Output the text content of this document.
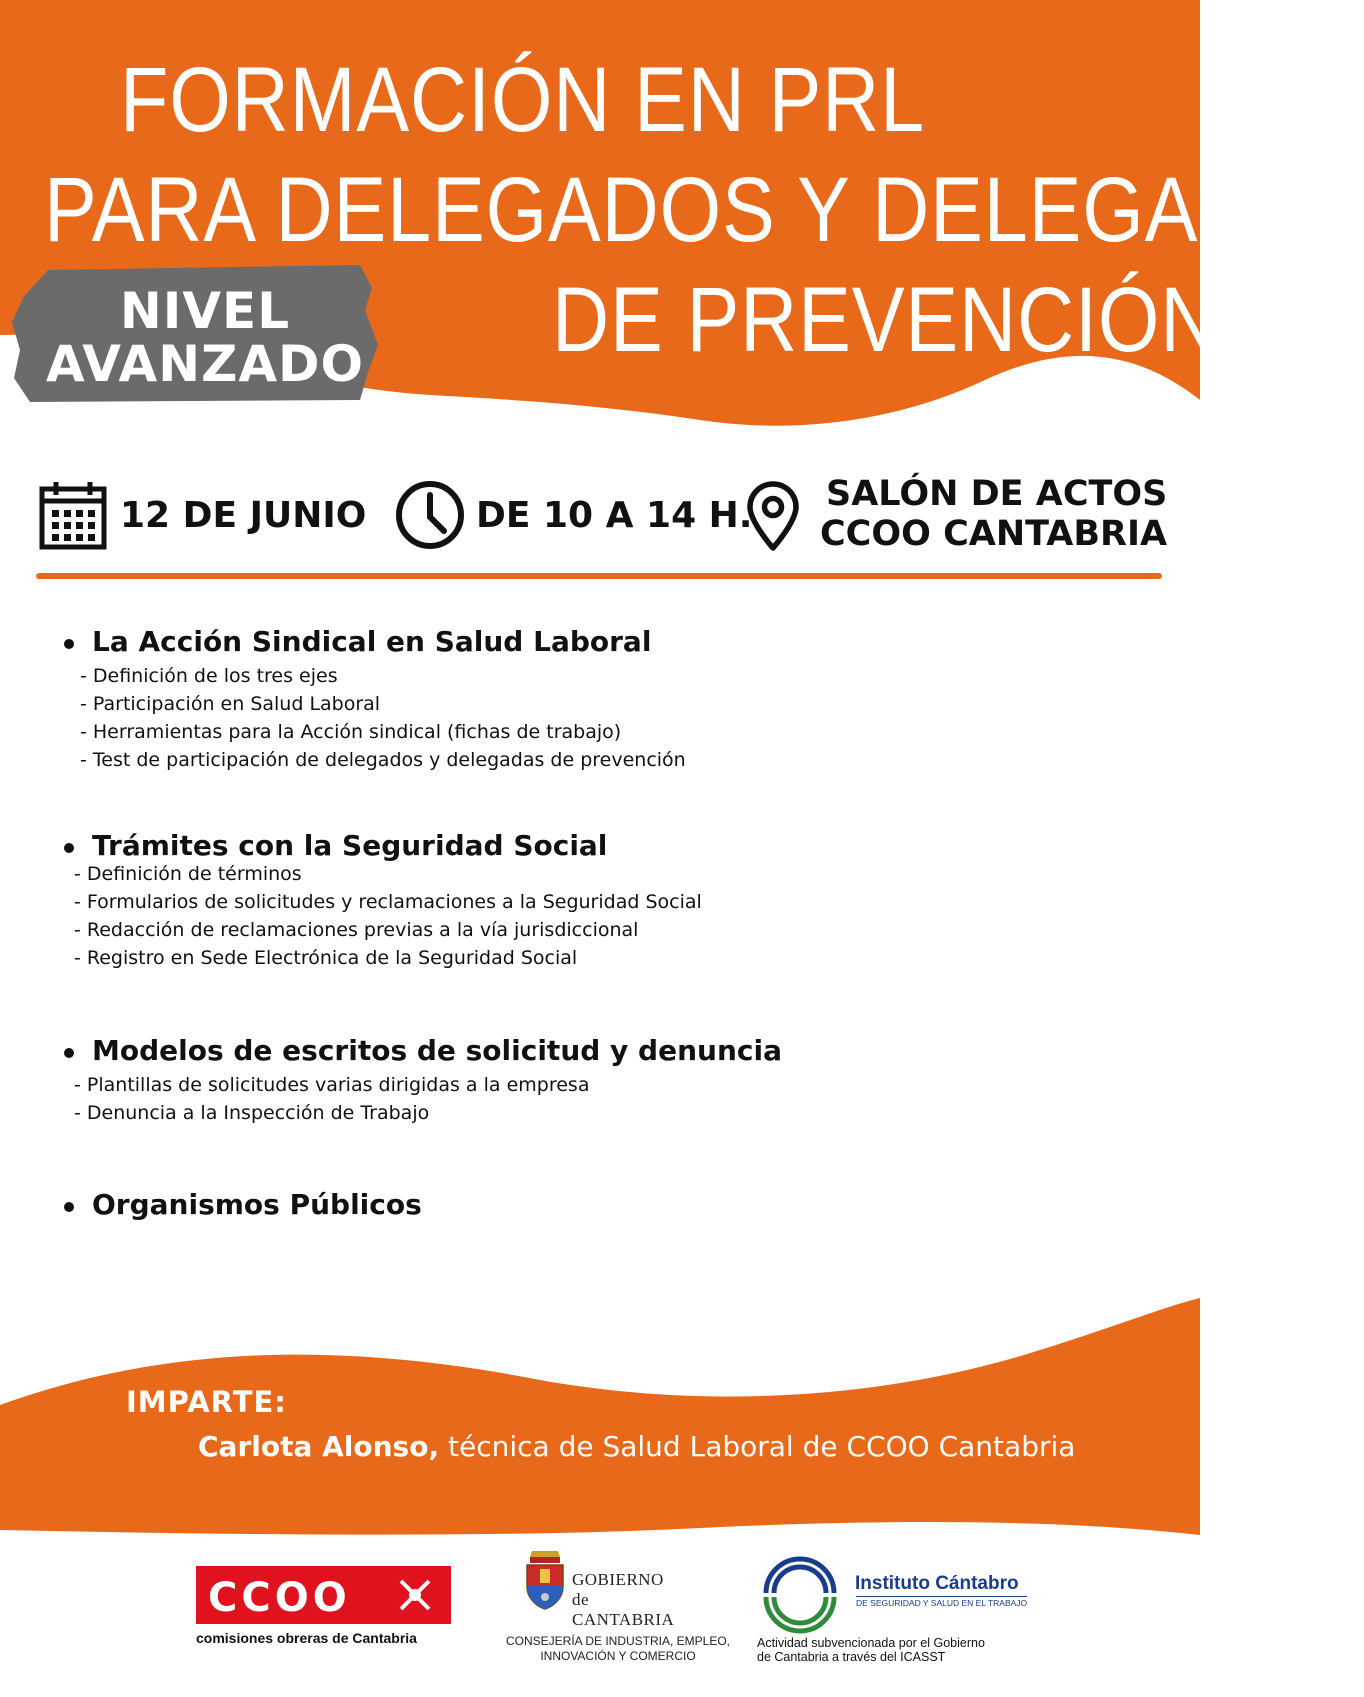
FORMACIÓN EN PRL
PARA DELEGADOS Y DELEGADAS
DE PREVENCIÓN
NIVEL
AVANZADO
12 DE JUNIO	DE 10 A 14 H.
SALÓN DE ACTOS
CCOO CANTABRIA
La Acción Sindical en Salud Laboral
- Definición de los tres ejes
- Participación en Salud Laboral
- Herramientas para la Acción sindical (fichas de trabajo)
- Test de participación de delegados y delegadas de prevención
Trámites con la Seguridad Social
- Definición de términos
- Formularios de solicitudes y reclamaciones a la Seguridad Social
- Redacción de reclamaciones previas a la vía jurisdiccional
- Registro en Sede Electrónica de la Seguridad Social
Modelos de escritos de solicitud y denuncia
- Plantillas de solicitudes varias dirigidas a la empresa
- Denuncia a la Inspección de Trabajo
Organismos Públicos
IMPARTE:
Carlota Alonso, técnica de Salud Laboral de CCOO Cantabria
CCOO
comisiones obreras de Cantabria
GOBIERNO
de
CANTABRIA
CONSEJERÍA DE INDUSTRIA, EMPLEO,
INNOVACIÓN Y COMERCIO
Instituto Cántabro
DE SEGURIDAD Y SALUD EN EL TRABAJO
Actividad subvencionada por el Gobierno
de Cantabria a través del ICASST
